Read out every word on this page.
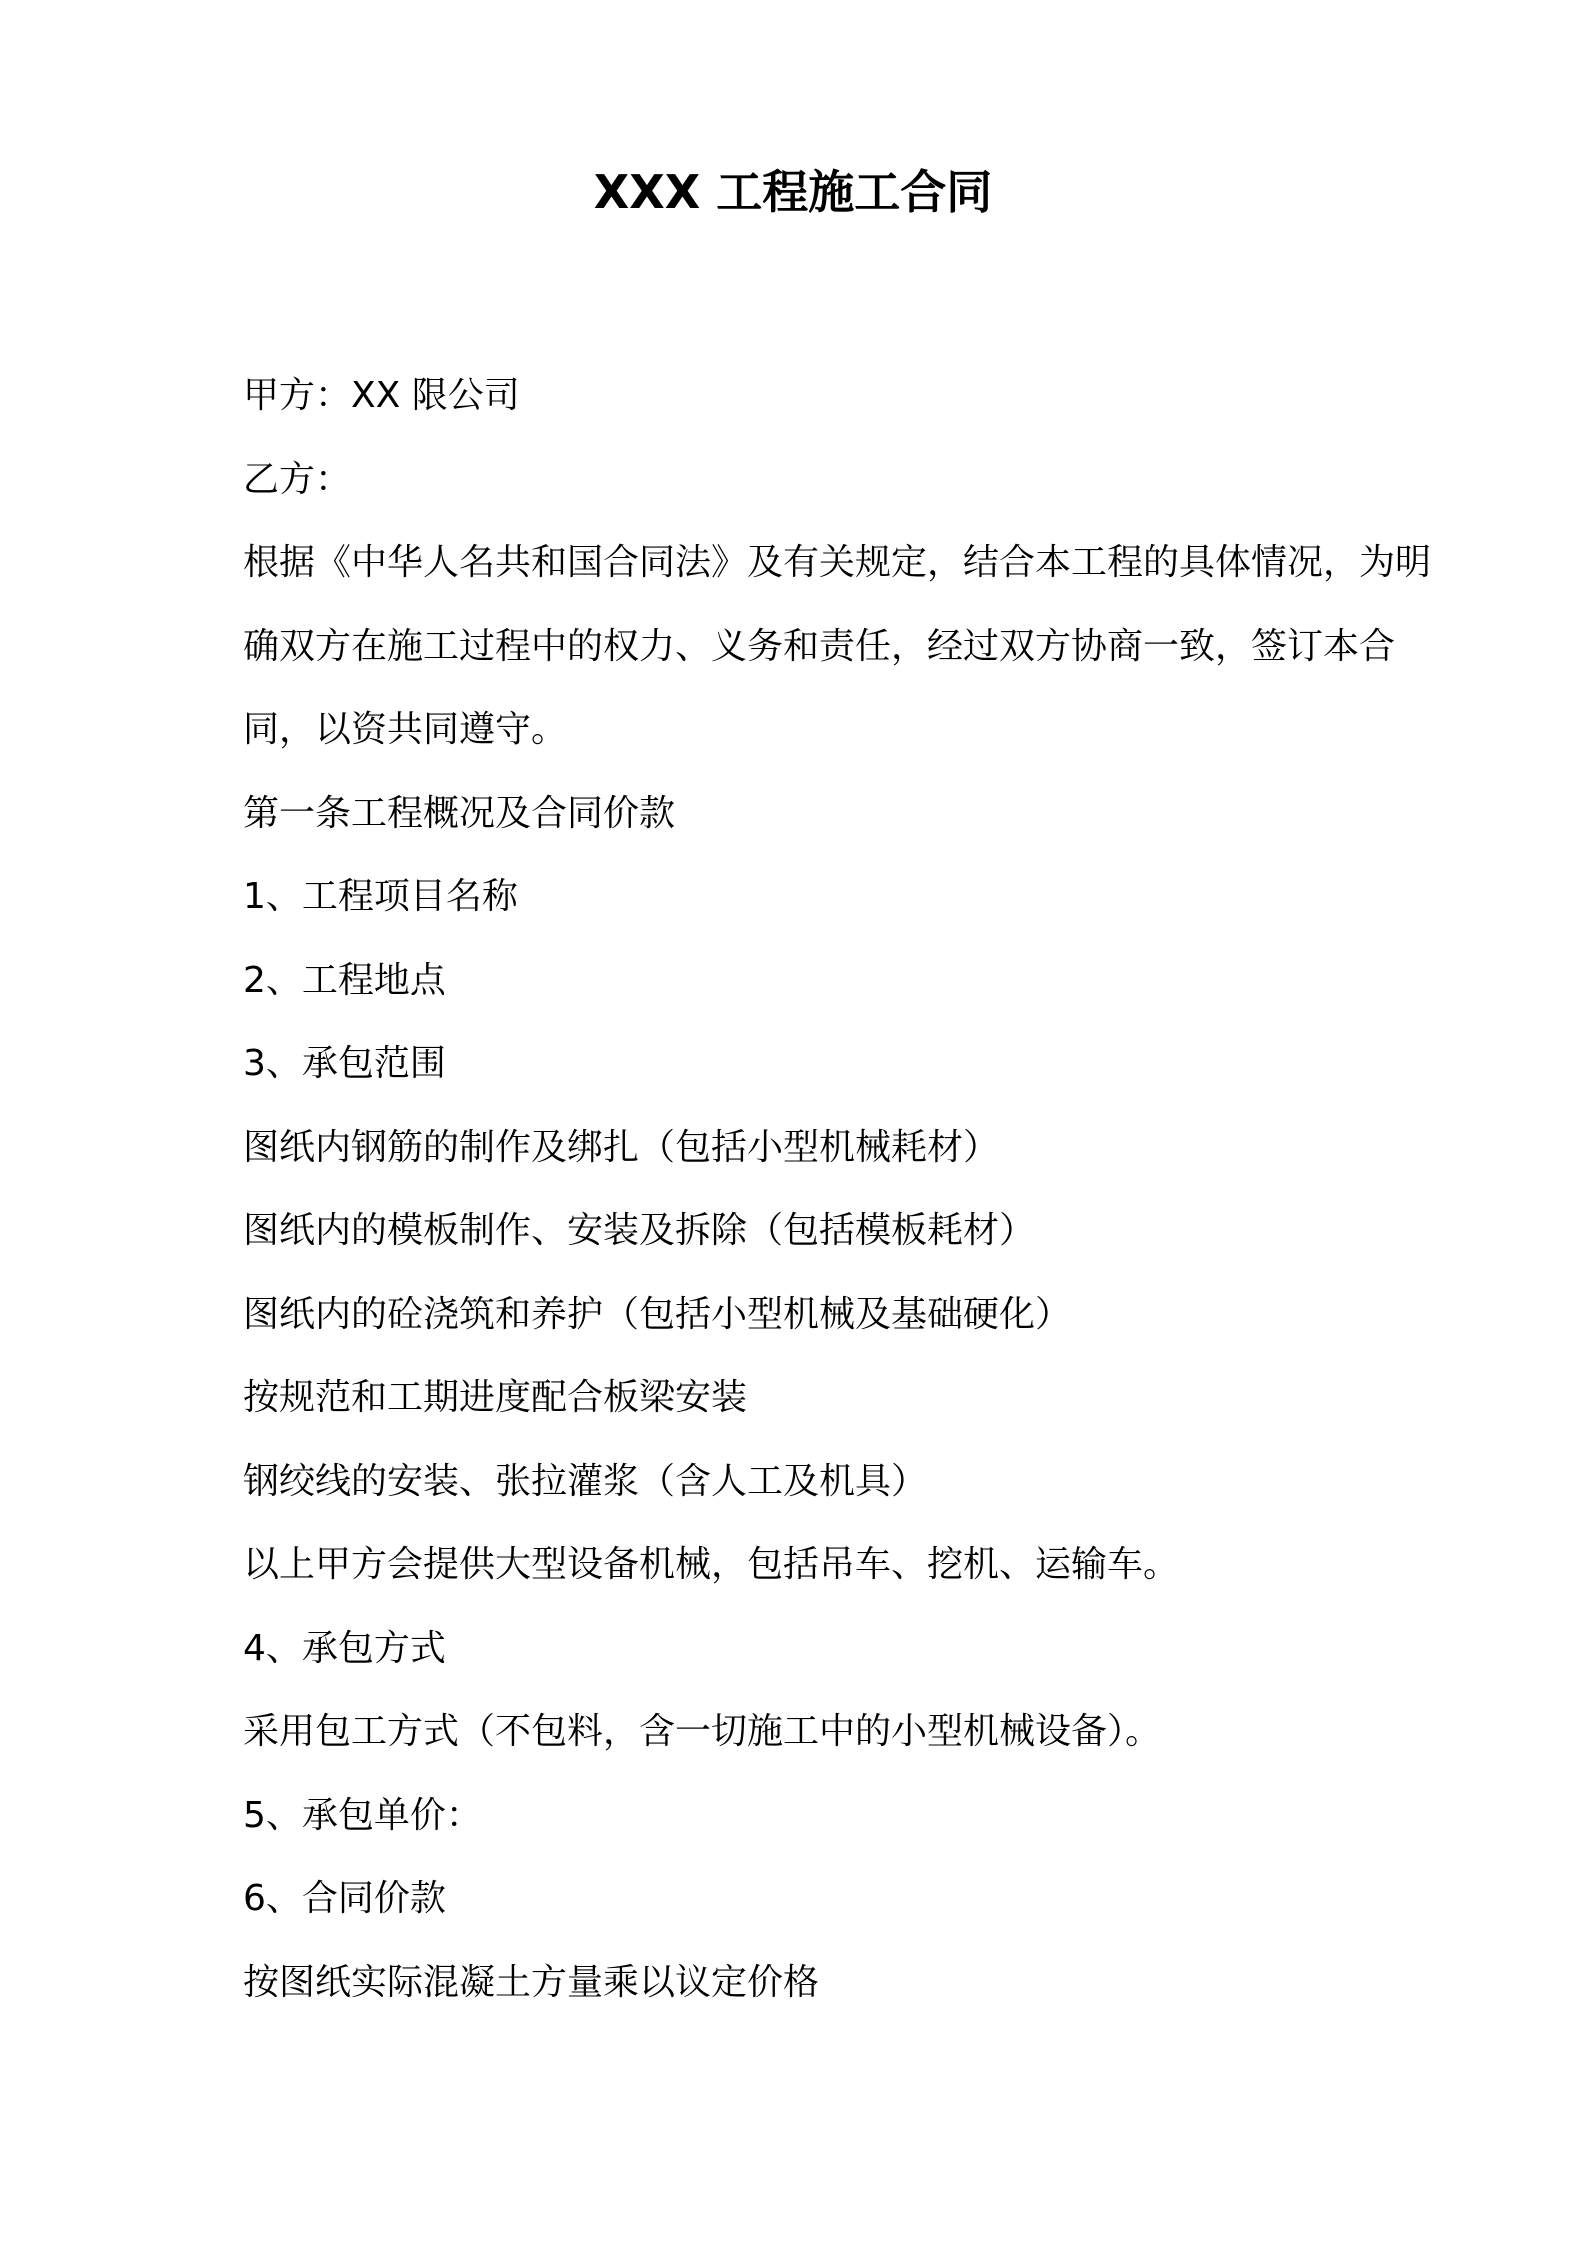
XXX 工程施工合同

甲方：XX 限公司

乙方：

根据《中华人名共和国合同法》及有关规定，结合本工程的具体情况，为明确双方在施工过程中的权力、义务和责任，经过双方协商一致，签订本合同，以资共同遵守。

第一条工程概况及合同价款

1、工程项目名称

2、工程地点

3、承包范围

图纸内钢筋的制作及绑扎（包括小型机械耗材）

图纸内的模板制作、安装及拆除（包括模板耗材）

图纸内的砼浇筑和养护（包括小型机械及基础硬化）

按规范和工期进度配合板梁安装

钢绞线的安装、张拉灌浆（含人工及机具）

以上甲方会提供大型设备机械，包括吊车、挖机、运输车。

4、承包方式

采用包工方式（不包料，含一切施工中的小型机械设备）。

5、承包单价：

6、合同价款

按图纸实际混凝土方量乘以议定价格
